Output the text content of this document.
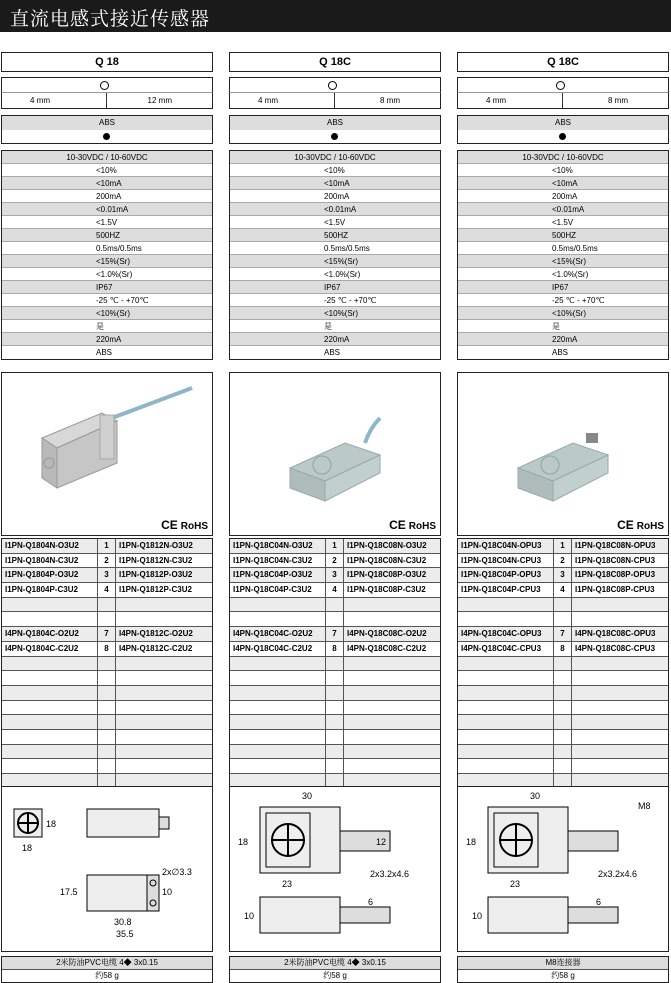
直流电感式接近传感器
Q 18
4 mm	12 mm
ABS
10-30VDC / 10-60VDC
<10%
<10mA
200mA
<0.01mA
<1.5V
500HZ
0.5ms/0.5ms
<15%(Sr)
<1.0%(Sr)
IP67
-25 ℃ - +70℃
<10%(Sr)
是
220mA
ABS
CE RoHS
I1PN-Q1804N-O3U2	1	I1PN-Q1812N-O3U2
I1PN-Q1804N-C3U2	2	I1PN-Q1812N-C3U2
I1PN-Q1804P-O3U2	3	I1PN-Q1812P-O3U2
I1PN-Q1804P-C3U2	4	I1PN-Q1812P-C3U2
I4PN-Q1804C-O2U2	7	I4PN-Q1812C-O2U2
I4PN-Q1804C-C2U2	8	I4PN-Q1812C-C2U2
18
18
2x∅3.3
10
17.5
30.8
35.5
2米防油PVC电缆 4◆ 3x0.15
约58 g
Q 18C
4 mm	8 mm
ABS
10-30VDC / 10-60VDC
<10%
<10mA
200mA
<0.01mA
<1.5V
500HZ
0.5ms/0.5ms
<15%(Sr)
<1.0%(Sr)
IP67
-25 ℃ - +70℃
<10%(Sr)
是
220mA
ABS
CE RoHS
I1PN-Q18C04N-O3U2	1	I1PN-Q18C08N-O3U2
I1PN-Q18C04N-C3U2	2	I1PN-Q18C08N-C3U2
I1PN-Q18C04P-O3U2	3	I1PN-Q18C08P-O3U2
I1PN-Q18C04P-C3U2	4	I1PN-Q18C08P-C3U2
I4PN-Q18C04C-O2U2	7	I4PN-Q18C08C-O2U2
I4PN-Q18C04C-C2U2	8	I4PN-Q18C08C-C2U2
30
18	12
23
2x3.2x4.6
10
6
2米防油PVC电缆 4◆ 3x0.15
约58 g
Q 18C
4 mm	8 mm
ABS
10-30VDC / 10-60VDC
<10%
<10mA
200mA
<0.01mA
<1.5V
500HZ
0.5ms/0.5ms
<15%(Sr)
<1.0%(Sr)
IP67
-25 ℃ - +70℃
<10%(Sr)
是
220mA
ABS
CE RoHS
I1PN-Q18C04N-OPU3	1	I1PN-Q18C08N-OPU3
I1PN-Q18C04N-CPU3	2	I1PN-Q18C08N-CPU3
I1PN-Q18C04P-OPU3	3	I1PN-Q18C08P-OPU3
I1PN-Q18C04P-CPU3	4	I1PN-Q18C08P-CPU3
I4PN-Q18C04C-OPU3	7	I4PN-Q18C08C-OPU3
I4PN-Q18C04C-CPU3	8	I4PN-Q18C08C-CPU3
30
18
M8
23
2x3.2x4.6
10
6
M8连接器
约58 g
